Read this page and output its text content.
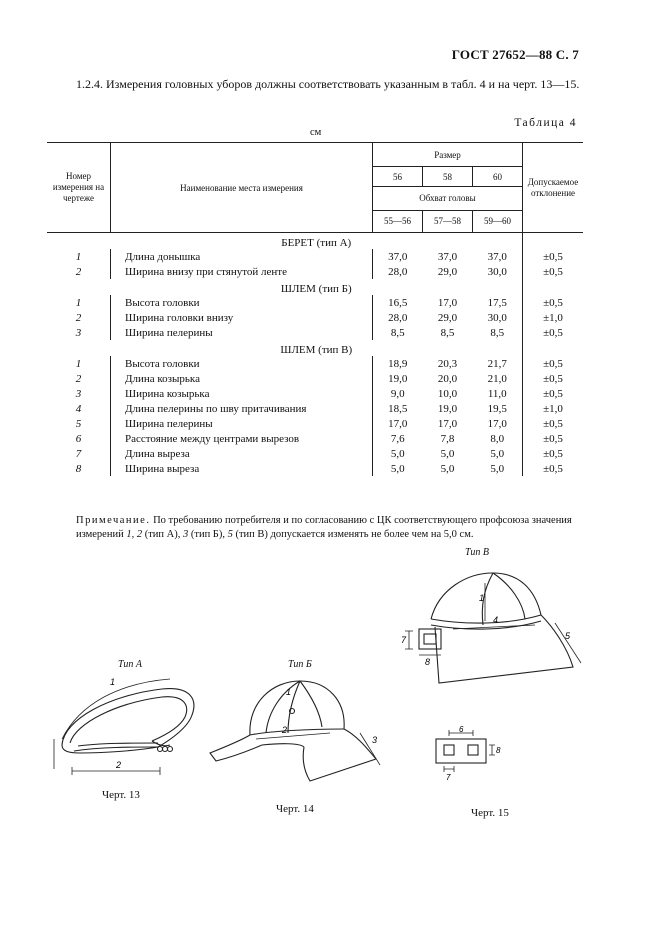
ГОСТ 27652—88 С. 7
1.2.4. Измерения головных уборов должны соответствовать указанным в табл. 4 и на черт. 13—15.
Таблица 4
см
Номер измерения на чертеже	Наименование места измерения	Размер			Допускаемое отклонение
		56	58	60	

		Обхват головы
55—56 57—58 59—60			

	БЕРЕТ (тип А)				
1	Длина донышка	37,0	37,0	37,0	±0,5
2	Ширина внизу при стянутой ленте	28,0	29,0	30,0	±0,5
	ШЛЕМ (тип Б)				
1	Высота головки	16,5	17,0	17,5	±0,5
2	Ширина головки внизу	28,0	29,0	30,0	±1,0
3	Ширина пелерины	8,5	8,5	8,5	±0,5
	ШЛЕМ (тип В)				
1	Высота головки	18,9	20,3	21,7	±0,5
2	Длина козырька	19,0	20,0	21,0	±0,5
3	Ширина козырька	9,0	10,0	11,0	±0,5
4	Длина пелерины по шву притачивания	18,5	19,0	19,5	±1,0
5	Ширина пелерины	17,0	17,0	17,0	±0,5
6	Расстояние между центрами вырезов	7,6	7,8	8,0	±0,5
7	Длина выреза	5,0	5,0	5,0	±0,5
8	Ширина выреза	5,0	5,0	5,0	±0,5
Примечание. По требованию потребителя и по согласованию с ЦК соответствующего профсоюза значения измерений 1, 2 (тип А), 3 (тип Б), 5 (тип В) допускается изменять не более чем на 5,0 см.
Тип А
1
2
Черт. 13
Тип Б
1
2
3
Черт. 14
Тип В
1
4
5
7
8
6
8
7
Черт. 15
